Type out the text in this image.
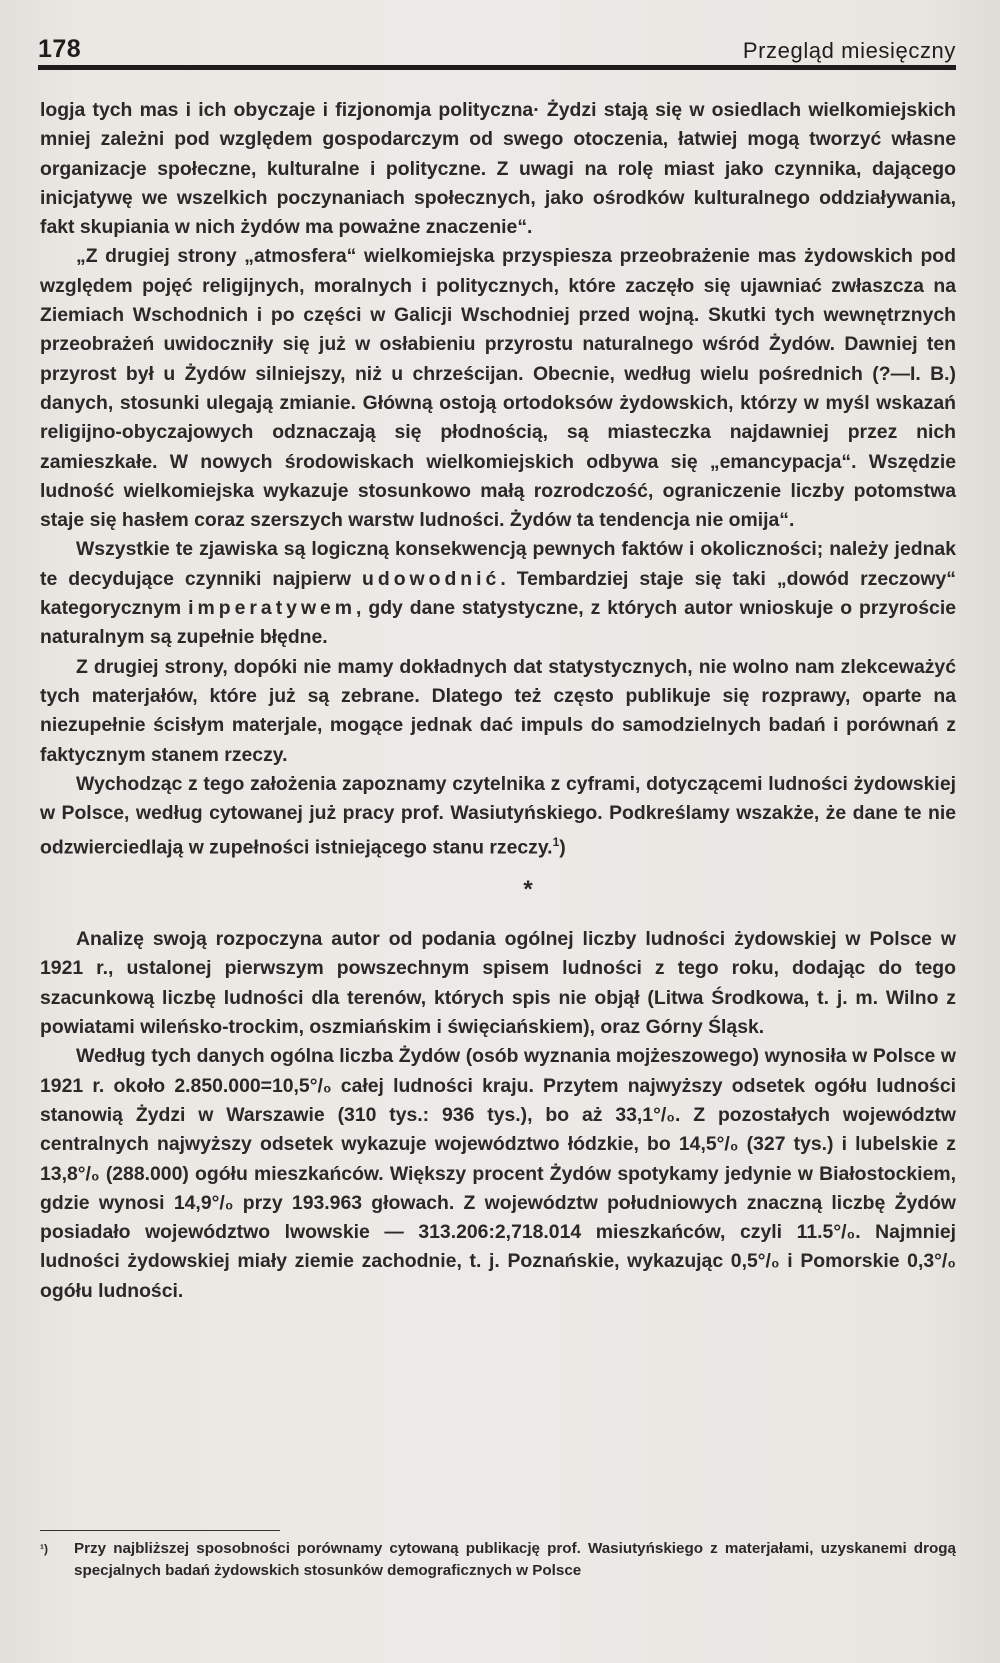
178	Przegląd miesięczny

logja tych mas i ich obyczaje i fizjonomja polityczna· Żydzi stają się w osiedlach wielkomiejskich mniej zależni pod względem gospodarczym od swego otoczenia, łatwiej mogą tworzyć własne organizacje społeczne, kulturalne i polityczne. Z uwagi na rolę miast jako czynnika, dającego inicjatywę we wszelkich poczynaniach społecznych, jako ośrodków kulturalnego oddziaływania, fakt skupiania w nich żydów ma poważne znaczenie“.

„Z drugiej strony „atmosfera“ wielkomiejska przyspiesza przeobrażenie mas żydowskich pod względem pojęć religijnych, moralnych i politycznych, które zaczęło się ujawniać zwłaszcza na Ziemiach Wschodnich i po części w Galicji Wschodniej przed wojną. Skutki tych wewnętrznych przeobrażeń uwidoczniły się już w osłabieniu przyrostu naturalnego wśród Żydów. Dawniej ten przyrost był u Żydów silniejszy, niż u chrześcijan. Obecnie, według wielu pośrednich (?—I. B.) danych, stosunki ulegają zmianie. Główną ostoją ortodoksów żydowskich, którzy w myśl wskazań religijno-obyczajowych odznaczają się płodnością, są miasteczka najdawniej przez nich zamieszkałe. W nowych środowiskach wielkomiejskich odbywa się „emancypacja“. Wszędzie ludność wielkomiejska wykazuje stosunkowo małą rozrodczość, ograniczenie liczby potomstwa staje się hasłem coraz szerszych warstw ludności. Żydów ta tendencja nie omija“.

Wszystkie te zjawiska są logiczną konsekwencją pewnych faktów i okoliczności; należy jednak te decydujące czynniki najpierw udowodnić. Tembardziej staje się taki „dowód rzeczowy“ kategorycznym imperatywem, gdy dane statystyczne, z których autor wnioskuje o przyroście naturalnym są zupełnie błędne.

Z drugiej strony, dopóki nie mamy dokładnych dat statystycznych, nie wolno nam zlekceważyć tych materjałów, które już są zebrane. Dlatego też często publikuje się rozprawy, oparte na niezupełnie ścisłym materjale, mogące jednak dać impuls do samodzielnych badań i porównań z faktycznym stanem rzeczy.

Wychodząc z tego założenia zapoznamy czytelnika z cyframi, dotyczącemi ludności żydowskiej w Polsce, według cytowanej już pracy prof. Wasiutyńskiego. Podkreślamy wszakże, że dane te nie odzwierciedlają w zupełności istniejącego stanu rzeczy.$^1$)

*

Analizę swoją rozpoczyna autor od podania ogólnej liczby ludności żydowskiej w Polsce w 1921 r., ustalonej pierwszym powszechnym spisem ludności z tego roku, dodając do tego szacunkową liczbę ludności dla terenów, których spis nie objął (Litwa Środkowa, t. j. m. Wilno z powiatami wileńsko-trockim, oszmiańskim i święciańskiem), oraz Górny Śląsk.

Według tych danych ogólna liczba Żydów (osób wyznania mojżeszowego) wynosiła w Polsce w 1921 r. około 2.850.000=10,5°/₀ całej ludności kraju. Przytem najwyższy odsetek ogółu ludności stanowią Żydzi w Warszawie (310 tys.: 936 tys.), bo aż 33,1°/₀. Z pozostałych województw centralnych najwyższy odsetek wykazuje województwo łódzkie, bo 14,5°/₀ (327 tys.) i lubelskie z 13,8°/₀ (288.000) ogółu mieszkańców. Większy procent Żydów spotykamy jedynie w Białostockiem, gdzie wynosi 14,9°/₀ przy 193.963 głowach. Z województw południowych znaczną liczbę Żydów posiadało województwo lwowskie — 313.206:2,718.014 mieszkańców, czyli 11.5°/₀. Najmniej ludności żydowskiej miały ziemie zachodnie, t. j. Poznańskie, wykazując 0,5°/₀ i Pomorskie 0,3°/₀ ogółu ludności.

¹)	Przy najbliższej sposobności porównamy cytowaną publikację prof. Wasiutyńskiego z materjałami, uzyskanemi drogą specjalnych badań żydowskich stosunków demograficznych w Polsce
